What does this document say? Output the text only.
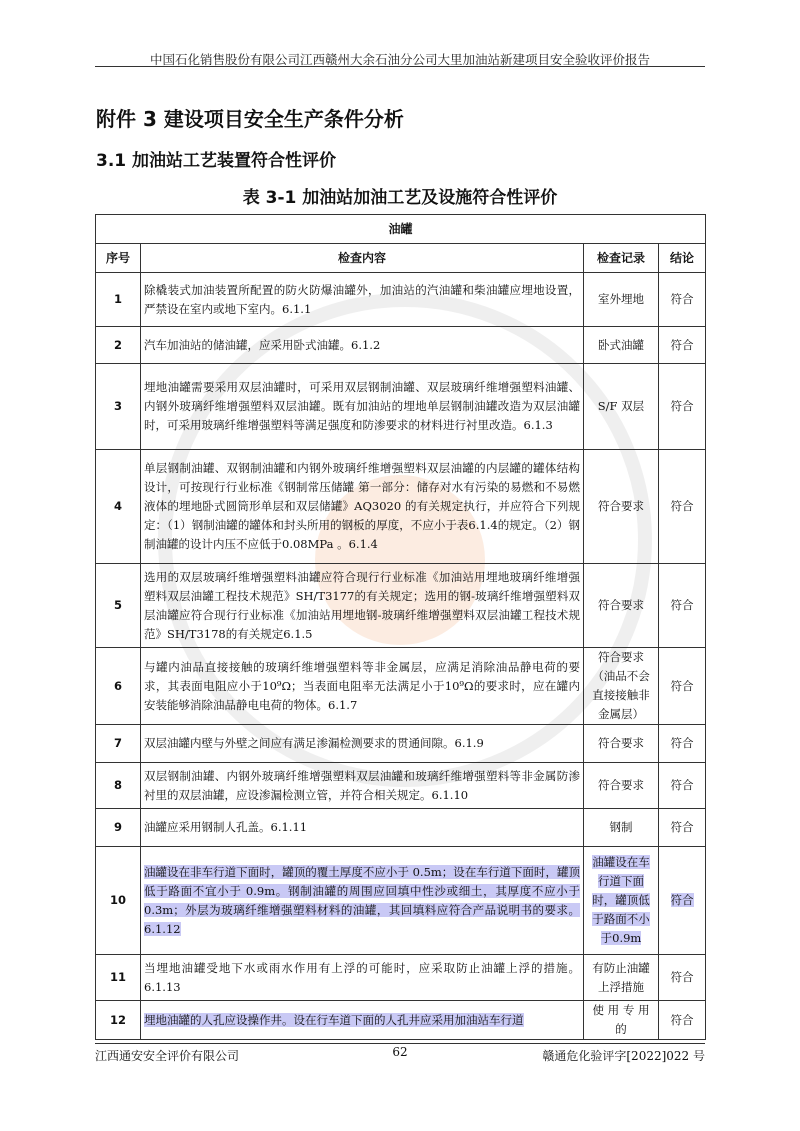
中国石化销售股份有限公司江西赣州大余石油分公司大里加油站新建项目安全验收评价报告
附件 3 建设项目安全生产条件分析
3.1 加油站工艺装置符合性评价
表 3-1 加油站加油工艺及设施符合性评价
油罐			
序号	检查内容	检查记录	结论
1	除橇装式加油装置所配置的防火防爆油罐外，加油站的汽油罐和柴油罐应埋地设置，严禁设在室内或地下室内。6.1.1	室外埋地	符合
2	汽车加油站的储油罐，应采用卧式油罐。6.1.2	卧式油罐	符合
3	埋地油罐需要采用双层油罐时，可采用双层钢制油罐、双层玻璃纤维增强塑料油罐、内钢外玻璃纤维增强塑料双层油罐。既有加油站的埋地单层钢制油罐改造为双层油罐时，可采用玻璃纤维增强塑料等满足强度和防渗要求的材料进行衬里改造。6.1.3	S/F 双层	符合
4	单层钢制油罐、双钢制油罐和内钢外玻璃纤维增强塑料双层油罐的内层罐的罐体结构设计，可按现行行业标准《钢制常压储罐 第一部分：储存对水有污染的易燃和不易燃液体的埋地卧式圆筒形单层和双层储罐》AQ3020 的有关规定执行，并应符合下列规定：（1）钢制油罐的罐体和封头所用的钢板的厚度，不应小于表6.1.4的规定。（2）钢制油罐的设计内压不应低于0.08MPa 。6.1.4	符合要求	符合
5	选用的双层玻璃纤维增强塑料油罐应符合现行行业标准《加油站用埋地玻璃纤维增强塑料双层油罐工程技术规范》SH/T3177的有关规定；选用的钢-玻璃纤维增强塑料双层油罐应符合现行行业标准《加油站用埋地钢-玻璃纤维增强塑料双层油罐工程技术规范》SH/T3178的有关规定6.1.5	符合要求	符合
6	与罐内油品直接接触的玻璃纤维增强塑料等非金属层，应满足消除油品静电荷的要求，其表面电阻应小于10⁹Ω；当表面电阻率无法满足小于10⁹Ω的要求时，应在罐内安装能够消除油品静电电荷的物体。6.1.7	符合要求（油品不会直接接触非金属层）	符合
7	双层油罐内壁与外壁之间应有满足渗漏检测要求的贯通间隙。6.1.9	符合要求	符合
8	双层钢制油罐、内钢外玻璃纤维增强塑料双层油罐和玻璃纤维增强塑料等非金属防渗衬里的双层油罐，应设渗漏检测立管，并符合相关规定。6.1.10	符合要求	符合
9	油罐应采用钢制人孔盖。6.1.11	钢制	符合
10	油罐设在非车行道下面时，罐顶的覆土厚度不应小于 0.5m；设在车行道下面时，罐顶低于路面不宜小于 0.9m。钢制油罐的周围应回填中性沙或细土，其厚度不应小于 0.3m；外层为玻璃纤维增强塑料材料的油罐，其回填料应符合产品说明书的要求。6.1.12	油罐设在车行道下面时，罐顶低于路面不小于0.9m	符合
11	当埋地油罐受地下水或雨水作用有上浮的可能时，应采取防止油罐上浮的措施。6.1.13	有防止油罐上浮措施	符合
12	埋地油罐的人孔应设操作井。设在行车道下面的人孔井应采用加油站车行道	使 用 专 用 的	符合
江西通安安全评价有限公司	62	赣通危化验评字[2022]022 号
